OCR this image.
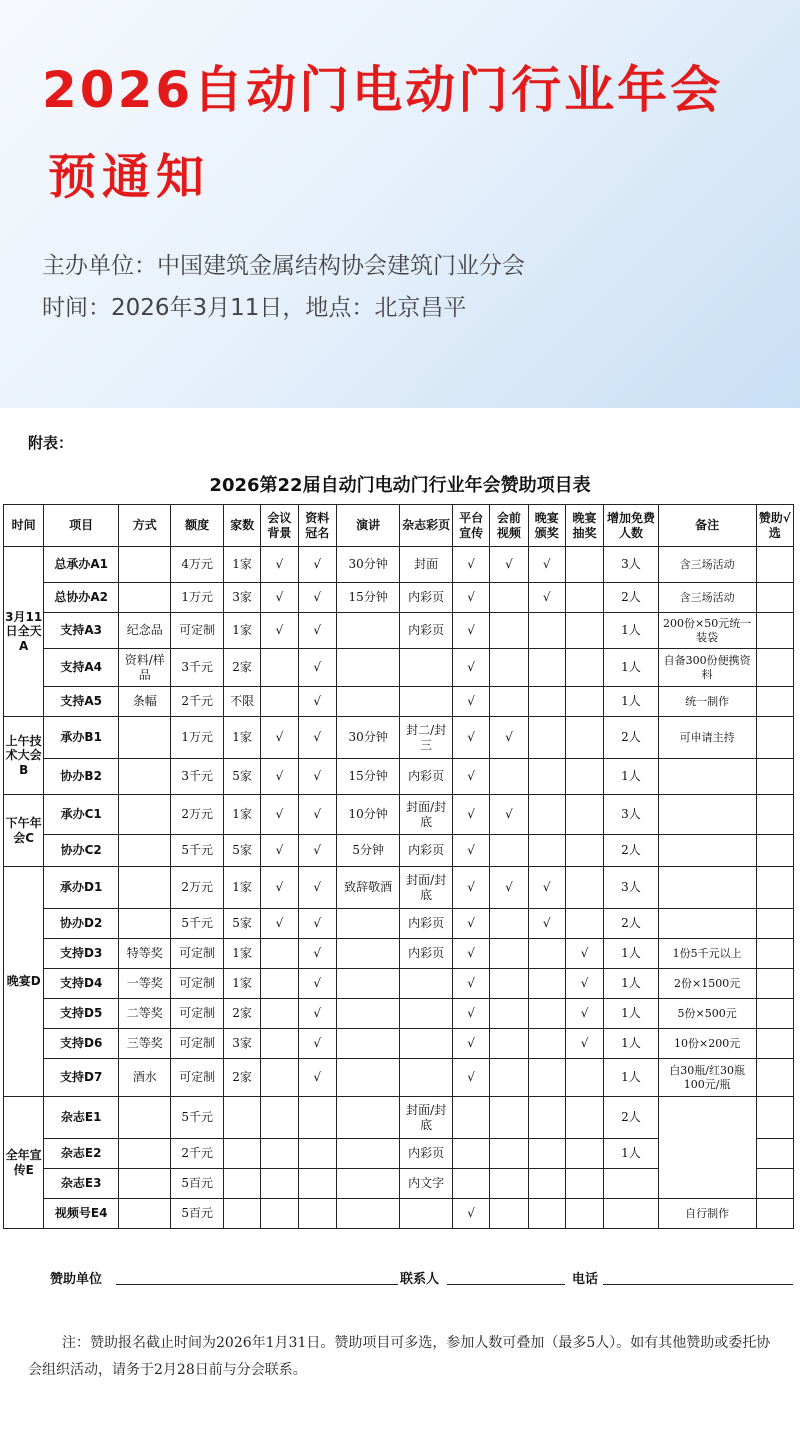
2026自动门电动门行业年会
预通知
主办单位：中国建筑金属结构协会建筑门业分会
时间：2026年3月11日，地点：北京昌平
附表：
2026第22届自动门电动门行业年会赞助项目表
时间	项目	方式	额度	家数	会议背景	资料冠名	演讲	杂志彩页	平台宣传	会前视频	晚宴颁奖	晚宴抽奖	增加免费人数	备注	赞助√选
3月11日全天A	总承办A1		4万元	1家	√	√	30分钟	封面	√	√	√		3人	含三场活动	
	总协办A2		1万元	3家	√	√	15分钟	内彩页	√		√		2人	含三场活动	
	支持A3	纪念品	可定制	1家	√	√		内彩页	√				1人	200份×50元统一装袋	
	支持A4	资料/样品	3千元	2家		√			√				1人	自备300份便携资料	
	支持A5	条幅	2千元	不限		√			√				1人	统一制作	
上午技术大会B	承办B1		1万元	1家	√	√	30分钟	封二/封三	√	√			2人	可申请主持	
	协办B2		3千元	5家	√	√	15分钟	内彩页	√				1人		
下午年会C	承办C1		2万元	1家	√	√	10分钟	封面/封底	√	√			3人		
	协办C2		5千元	5家	√	√	5分钟	内彩页	√				2人		
晚宴D	承办D1		2万元	1家	√	√	致辞敬酒	封面/封底	√	√	√		3人		
	协办D2		5千元	5家	√	√		内彩页	√		√		2人		
	支持D3	特等奖	可定制	1家		√		内彩页	√			√	1人	1份5千元以上	
	支持D4	一等奖	可定制	1家		√			√			√	1人	2份×1500元	
	支持D5	二等奖	可定制	2家		√			√			√	1人	5份×500元	
	支持D6	三等奖	可定制	3家		√			√			√	1人	10份×200元	
	支持D7	酒水	可定制	2家		√			√				1人	白30瓶/红30瓶 100元/瓶	
全年宣传E	杂志E1		5千元					封面/封底					2人		
	杂志E2		2千元					内彩页					1人		
	杂志E3		5百元					内文字							
	视频号E4		5百元						√					自行制作	
赞助单位	联系人	电话
注：赞助报名截止时间为2026年1月31日。赞助项目可多选，参加人数可叠加（最多5人）。如有其他赞助或委托协会组织活动，请务于2月28日前与分会联系。
